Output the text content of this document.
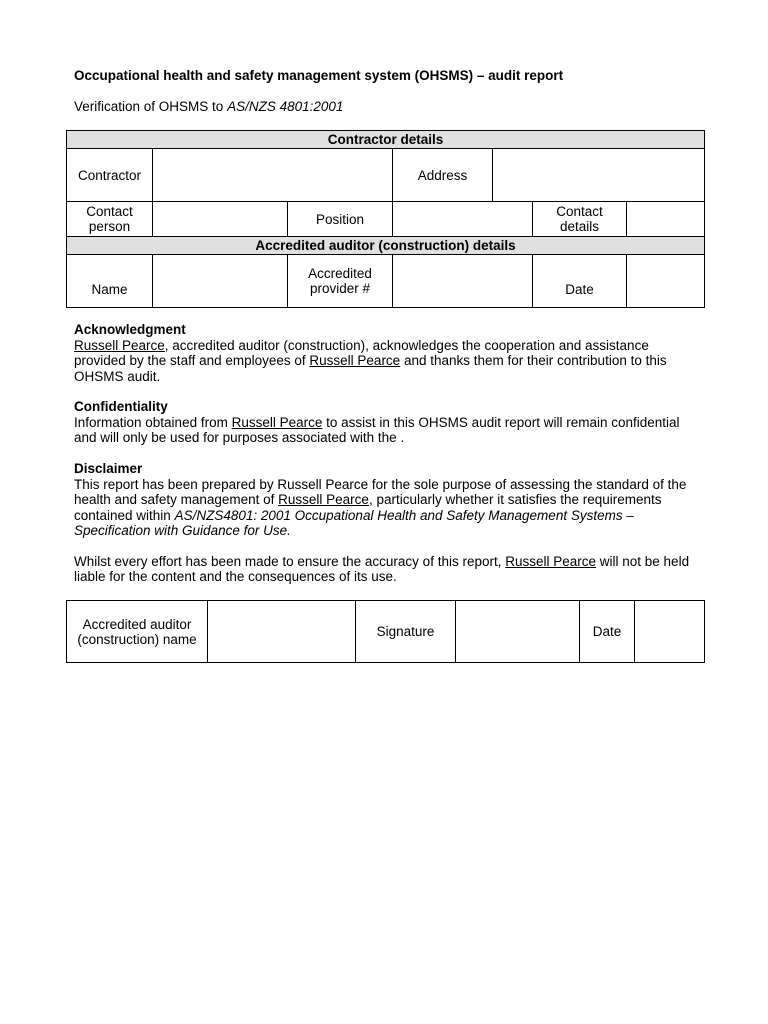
Occupational health and safety management system (OHSMS) – audit report
Verification of OHSMS to AS/NZS 4801:2001
Contractor details						
Contractor			Address			
Contact person		Position			Contact details	
Accredited auditor (construction) details						
Name		Accredited provider #			Date	
Acknowledgment
Russell Pearce, accredited auditor (construction), acknowledges the cooperation and assistance provided by the staff and employees of Russell Pearce and thanks them for their contribution to this OHSMS audit.
Confidentiality
Information obtained from Russell Pearce to assist in this OHSMS audit report will remain confidential and will only be used for purposes associated with the .
Disclaimer
This report has been prepared by Russell Pearce for the sole purpose of assessing the standard of the health and safety management of Russell Pearce, particularly whether it satisfies the requirements contained within AS/NZS4801: 2001 Occupational Health and Safety Management Systems – Specification with Guidance for Use.
Whilst every effort has been made to ensure the accuracy of this report, Russell Pearce will not be held liable for the content and the consequences of its use.
Accredited auditor (construction) name		Signature		Date	
